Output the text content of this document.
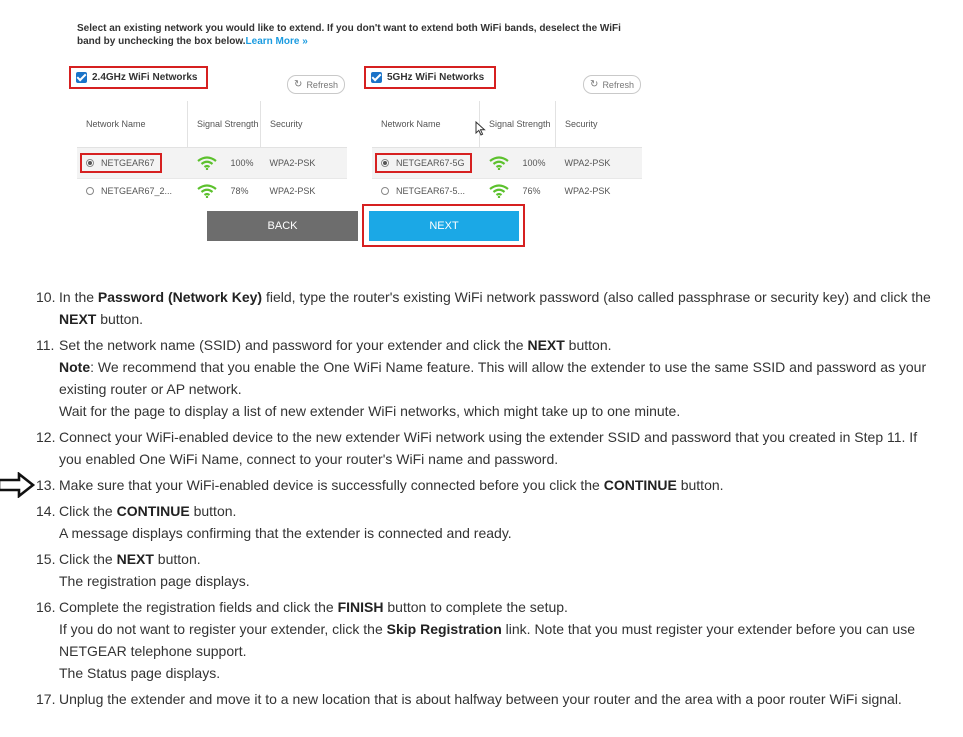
Select an existing network you would like to extend. If you don't want to extend both WiFi bands, deselect the WiFi band by unchecking the box below.Learn More »
2.4GHz WiFi Networks
↻ Refresh
Network Name	Signal Strength	Security

NETGEAR67	100%	WPA2-PSK

NETGEAR67_2...	78%	WPA2-PSK
5GHz WiFi Networks
↻ Refresh
Network Name	Signal Strength	Security

NETGEAR67-5G	100%	WPA2-PSK

NETGEAR67-5...	76%	WPA2-PSK
BACK	NEXT
10. In the Password (Network Key) field, type the router's existing WiFi network password (also called passphrase or security key) and click the NEXT button.
11. Set the network name (SSID) and password for your extender and click the NEXT button.
Note: We recommend that you enable the One WiFi Name feature. This will allow the extender to use the same SSID and password as your existing router or AP network.
Wait for the page to display a list of new extender WiFi networks, which might take up to one minute.
12. Connect your WiFi-enabled device to the new extender WiFi network using the extender SSID and password that you created in Step 11. If you enabled One WiFi Name, connect to your router's WiFi name and password.
13. Make sure that your WiFi-enabled device is successfully connected before you click the CONTINUE button.
14. Click the CONTINUE button.
A message displays confirming that the extender is connected and ready.
15. Click the NEXT button.
The registration page displays.
16. Complete the registration fields and click the FINISH button to complete the setup.
If you do not want to register your extender, click the Skip Registration link. Note that you must register your extender before you can use NETGEAR telephone support.
The Status page displays.
17. Unplug the extender and move it to a new location that is about halfway between your router and the area with a poor router WiFi signal.
